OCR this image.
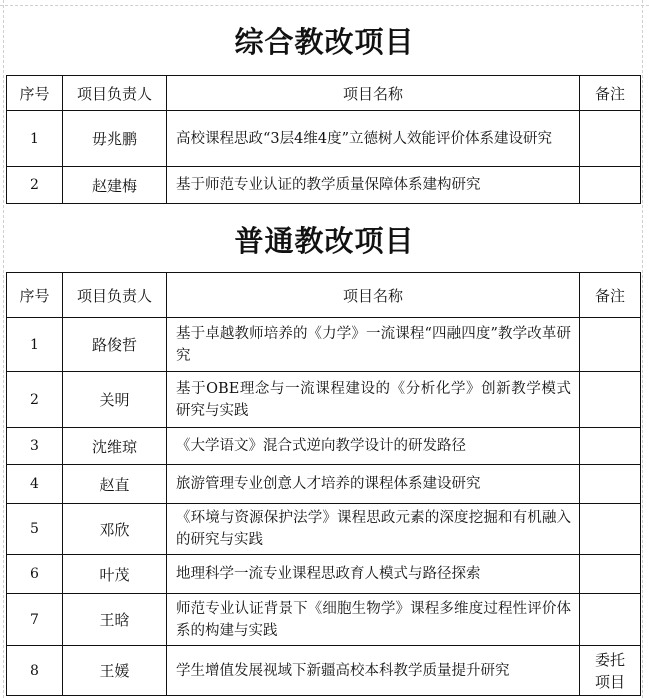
综合教改项目
序号	项目负责人	项目名称	备注
1	毋兆鹏	高校课程思政“3层4维4度”立德树人效能评价体系建设研究	
2	赵建梅	基于师范专业认证的教学质量保障体系建构研究	
普通教改项目
序号	项目负责人	项目名称	备注
1	路俊哲	基于卓越教师培养的《力学》一流课程“四融四度”教学改革研究	
2	关明	基于OBE理念与一流课程建设的《分析化学》创新教学模式研究与实践	
3	沈维琼	《大学语文》混合式逆向教学设计的研发路径	
4	赵直	旅游管理专业创意人才培养的课程体系建设研究	
5	邓欣	《环境与资源保护法学》课程思政元素的深度挖掘和有机融入的研究与实践	
6	叶茂	地理科学一流专业课程思政育人模式与路径探索	
7	王晗	师范专业认证背景下《细胞生物学》课程多维度过程性评价体系的构建与实践	
8	王媛	学生增值发展视域下新疆高校本科教学质量提升研究	委托项目
